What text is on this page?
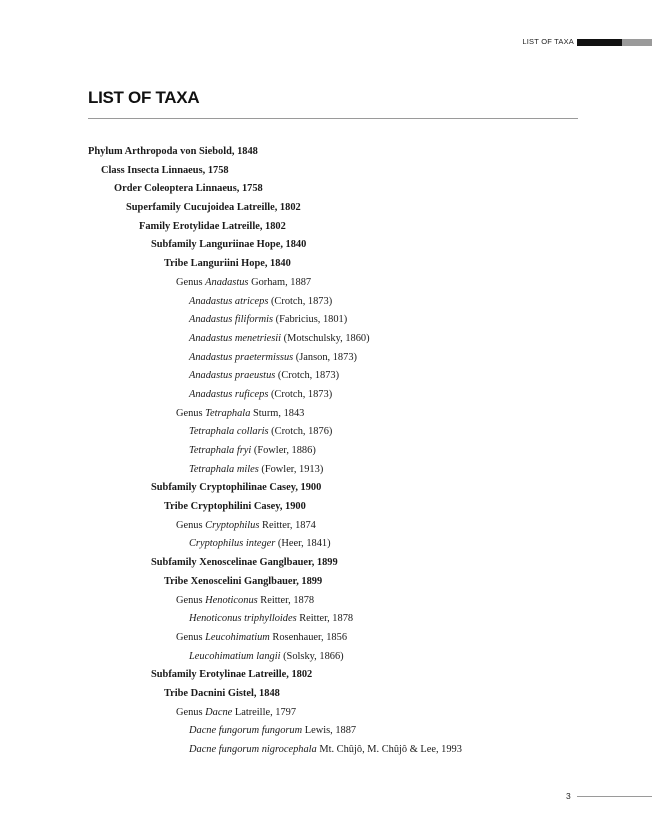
LIST OF TAXA
LIST OF TAXA
Phylum Arthropoda von Siebold, 1848
Class Insecta Linnaeus, 1758
Order Coleoptera Linnaeus, 1758
Superfamily Cucujoidea Latreille, 1802
Family Erotylidae Latreille, 1802
Subfamily Languriinae Hope, 1840
Tribe Languriini Hope, 1840
Genus Anadastus Gorham, 1887
Anadastus atriceps (Crotch, 1873)
Anadastus filiformis (Fabricius, 1801)
Anadastus menetriesii (Motschulsky, 1860)
Anadastus praetermissus (Janson, 1873)
Anadastus praeustus (Crotch, 1873)
Anadastus ruficeps (Crotch, 1873)
Genus Tetraphala Sturm, 1843
Tetraphala collaris (Crotch, 1876)
Tetraphala fryi (Fowler, 1886)
Tetraphala miles (Fowler, 1913)
Subfamily Cryptophilinae Casey, 1900
Tribe Cryptophilini Casey, 1900
Genus Cryptophilus Reitter, 1874
Cryptophilus integer (Heer, 1841)
Subfamily Xenoscelinae Ganglbauer, 1899
Tribe Xenoscelini Ganglbauer, 1899
Genus Henoticonus Reitter, 1878
Henoticonus triphylloides Reitter, 1878
Genus Leucohimatium Rosenhauer, 1856
Leucohimatium langii (Solsky, 1866)
Subfamily Erotylinae Latreille, 1802
Tribe Dacnini Gistel, 1848
Genus Dacne Latreille, 1797
Dacne fungorum fungorum Lewis, 1887
Dacne fungorum nigrocephala Mt. Chûjô, M. Chûjô & Lee, 1993
3
